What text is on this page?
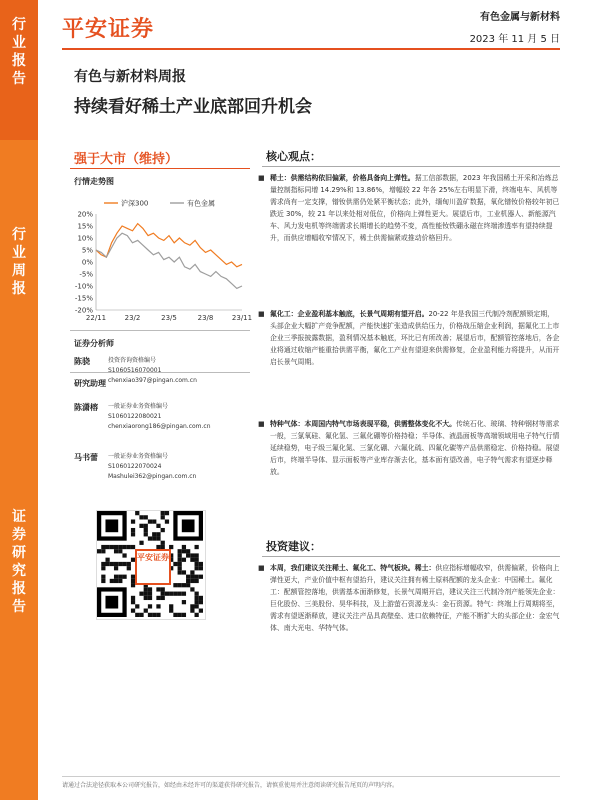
行
业
报
告
行
业
周
报
证
券
研
究
报
告
平安证券	有色金属与新材料
2023 年 11 月 5 日
有色与新材料周报
持续看好稀土产业底部回升机会
强于大市（维持）
行情走势图
20%
15%
10%
5%
0%
-5%
-10%
-15%
-20%
22/11	23/2	23/5	23/8	23/11
沪深300	有色金属
证券分析师
陈骁	投资咨询资格编号
S1060516070001
chenxiao397@pingan.com.cn
研究助理
陈潇榕 一般证券业务资格编号
S1060122080021
chenxiaorong186@pingan.com.cn
马书蕾 一般证券业务资格编号
S1060122070024
Mashulei362@pingan.com.cn
平安证券
核心观点：
■ 稀土：供需结构依旧偏紧，价格具备向上弹性。据工信部数据，2023 年我国稀土开采和冶炼总量控制指标同增 14.29%和 13.86%，增幅较 22 年各 25%左右明显下滑，终端电车、风机等需求尚有一定支撑，镨钕供需仍处紧平衡状态；此外，缅甸川盈矿数据，氧化镨钕价格较年初已跌近 30%，较 21 年以来处相对低位，价格向上弹性更大。展望后市，工业机器人、新能源汽车、风力发电机等终端需求长期增长的趋势不变，高性能钕铁硼永磁在终端渗透率有望持续提升，而供应增幅收窄情况下，稀土供需偏紧或推动价格回升。
■ 氟化工：企业盈利基本触底，长景气周期有望开启。20-22 年是我国三代制冷剂配额锁定期，头部企业大幅扩产竞争配额，产能快速扩张造成供给压力，价格战压缩企业利润，据氟化工上市企业三季报披露数据，盈利情况基本触底，环比已有所改善；展望后市，配额管控落地后，各企业将通过收缩产能重拾供需平衡，氟化工产业有望迎来供需修复，企业盈利能力将提升，从而开启长景气周期。
■ 特种气体：本周国内特气市场表现平稳，供需整体变化不大。传统石化、玻璃、特种钢材等需求一般，三氯氧硅、氟化氢、三氟化硼等价格持稳；半导体、液晶面板等高端领域用电子特气行情延续稳势，电子级三氟化氮、三氯化硼、六氟化硫、四氟化碳等产品供需稳定、价格持稳。展望后市，终端半导体、显示面板等产业库存渐去化，基本面有望改善，电子特气需求有望逐步释放。
投资建议：
■ 本周，我们建议关注稀土、氟化工、特气板块。稀土：供应指标增幅收窄，供需偏紧，价格向上弹性更大，产业价值中枢有望抬升，建议关注拥有稀土原料配额的龙头企业：中国稀土。氟化工：配额管控落地，供需基本面渐修复，长景气周期开启，建议关注三代制冷剂产能领先企业：巨化股份、三美股份、昊华科技，及上游萤石资源龙头：金石资源。特气：终端上行周期将至，需求有望逐渐释放，建议关注产品具高壁垒、进口依赖特征，产能不断扩大的头部企业：金宏气体、南大光电、华特气体。
请通过合法途径获取本公司研究报告，如经由未经许可的渠道获得研究报告，请慎重使用并注意阅读研究报告尾页的声明内容。
